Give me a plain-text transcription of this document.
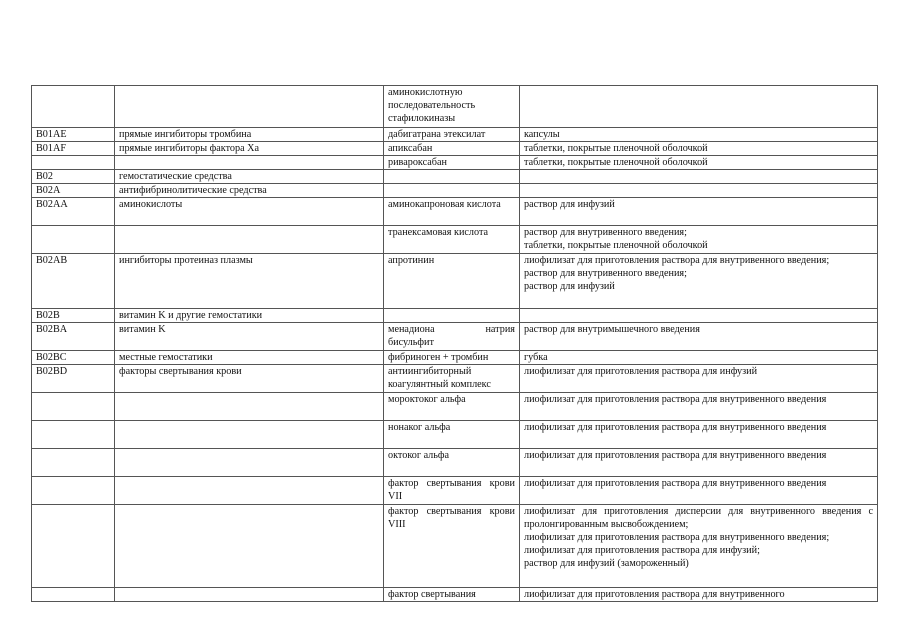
		аминокислотную последовательность стафилокиназы	
B01AE	прямые ингибиторы тромбина	дабигатрана этексилат	капсулы

B01AF	прямые ингибиторы фактора Xa	апиксабан	таблетки, покрытые пленочной оболочкой

		ривароксабан	таблетки, покрытые пленочной оболочкой

B02	гемостатические средства		
B02A	антифибринолитические средства		
B02AA	аминокислоты	аминокапроновая кислота	раствор для инфузий

		транексамовая кислота	раствор для внутривенного введения;
таблетки, покрытые пленочной оболочкой

B02AB	ингибиторы протеиназ плазмы	апротинин	лиофилизат для приготовления раствора для внутривенного введения;
раствор для внутривенного введения;
раствор для инфузий

B02B	витамин K и другие гемостатики		
B02BA	витамин K	менадиона натрия бисульфит	раствор для внутримышечного введения

B02BC	местные гемостатики	фибриноген + тромбин	губка

B02BD	факторы свертывания крови	антиингибиторный коагулянтный комплекс	лиофилизат для приготовления раствора для инфузий

		мороктоког альфа	лиофилизат для приготовления раствора для внутривенного введения

		нонаког альфа	лиофилизат для приготовления раствора для внутривенного введения

		октоког альфа	лиофилизат для приготовления раствора для внутривенного введения

		фактор свертывания крови VII	лиофилизат для приготовления раствора для внутривенного введения

		фактор свертывания крови VIII	лиофилизат для приготовления дисперсии для внутривенного введения с пролонгированным высвобождением;
лиофилизат для приготовления раствора для внутривенного введения;
лиофилизат для приготовления раствора для инфузий;
раствор для инфузий (замороженный)

		фактор свертывания	лиофилизат для приготовления раствора для внутривенного
